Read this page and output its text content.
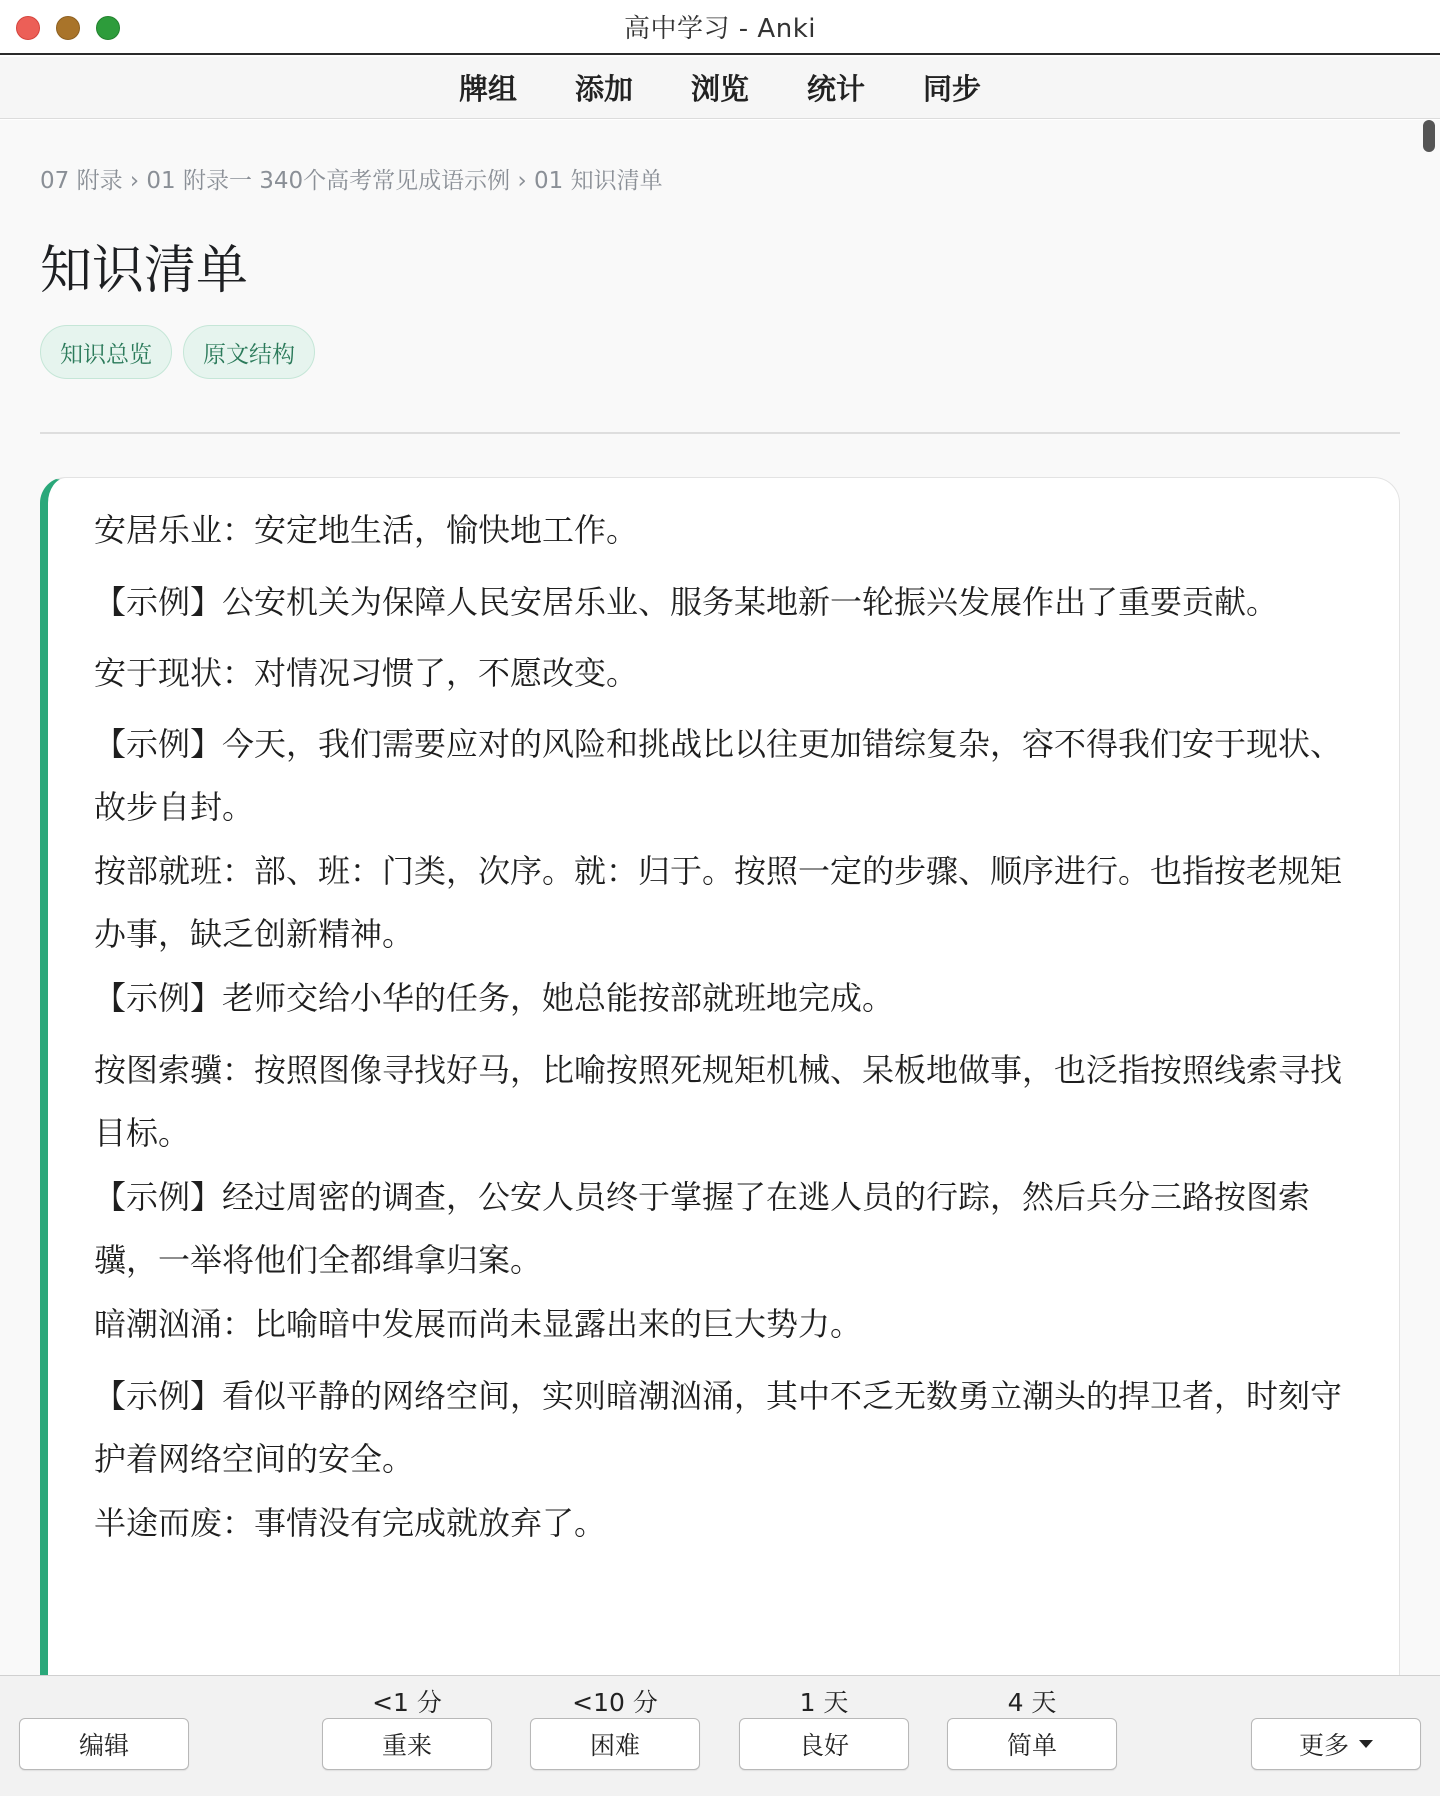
高中学习 - Anki
牌组 添加 浏览 统计 同步
07 附录 › 01 附录一 340个高考常见成语示例 › 01 知识清单
知识清单
知识总览	原文结构

安居乐业：安定地生活，愉快地工作。

【示例】公安机关为保障人民安居乐业、服务某地新一轮振兴发展作出了重要贡献。

安于现状：对情况习惯了，不愿改变。

【示例】今天，我们需要应对的风险和挑战比以往更加错综复杂，容不得我们安于现状、故步自封。

按部就班：部、班：门类，次序。就：归于。按照一定的步骤、顺序进行。也指按老规矩办事，缺乏创新精神。

【示例】老师交给小华的任务，她总能按部就班地完成。

按图索骥：按照图像寻找好马，比喻按照死规矩机械、呆板地做事，也泛指按照线索寻找目标。

【示例】经过周密的调查，公安人员终于掌握了在逃人员的行踪，然后兵分三路按图索骥，一举将他们全都缉拿归案。

暗潮汹涌：比喻暗中发展而尚未显露出来的巨大势力。

【示例】看似平静的网络空间，实则暗潮汹涌，其中不乏无数勇立潮头的捍卫者，时刻守护着网络空间的安全。

半途而废：事情没有完成就放弃了。

编辑
<1 分
重来
<10 分
困难
1 天
良好
4 天
简单	更多
